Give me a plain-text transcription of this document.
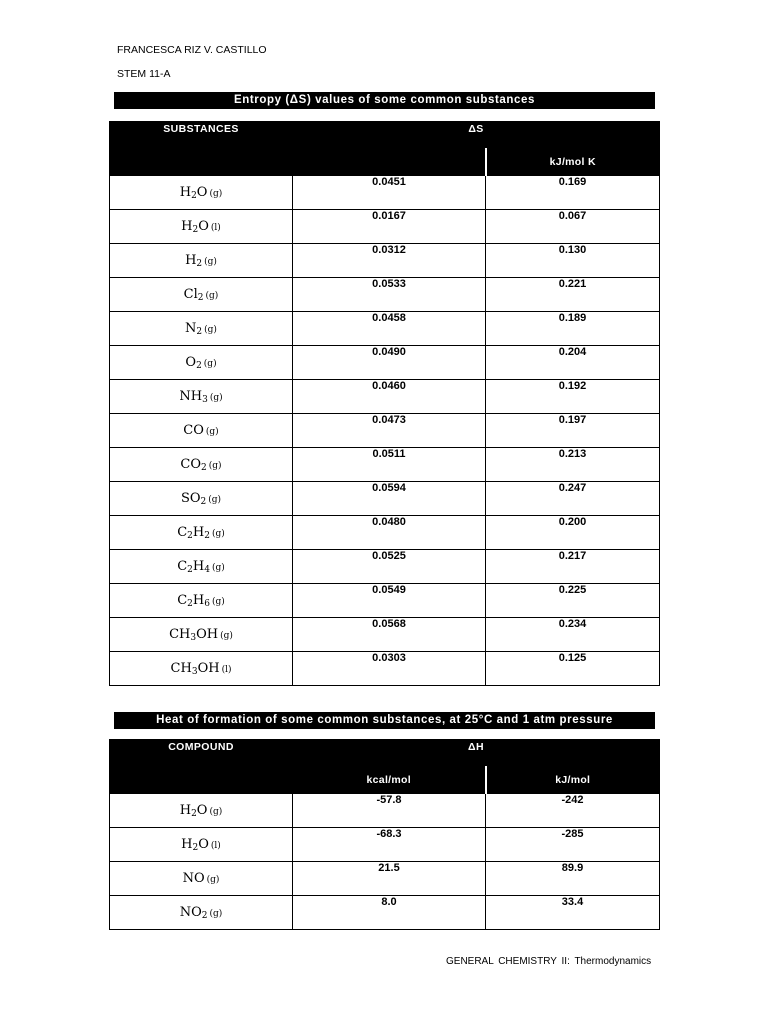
FRANCESCA RIZ V. CASTILLO
STEM 11-A
Entropy (ΔS) values of some common substances
SUBSTANCES	ΔS	
		kJ/mol K
$H_2O$ (g)	0.0451	0.169
$H_2O$ (l)	0.0167	0.067
$H_2$ (g)	0.0312	0.130
$Cl_2$ (g)	0.0533	0.221
$N_2$ (g)	0.0458	0.189
$O_2$ (g)	0.0490	0.204
$NH_3$ (g)	0.0460	0.192
CO (g)	0.0473	0.197
$CO_2$ (g)	0.0511	0.213
$SO_2$ (g)	0.0594	0.247
$C_2H_2$ (g)	0.0480	0.200
$C_2H_4$ (g)	0.0525	0.217
$C_2H_6$ (g)	0.0549	0.225
$CH_3OH$ (g)	0.0568	0.234
$CH_3OH$ (l)	0.0303	0.125
Heat of formation of some common substances, at 25°C and 1 atm pressure
COMPOUND	ΔH	
	kcal/mol	kJ/mol
$H_2O$ (g)	-57.8	-242
$H_2O$ (l)	-68.3	-285
NO (g)	21.5	89.9
$NO_2$ (g)	8.0	33.4
GENERAL CHEMISTRY II: Thermodynamics
